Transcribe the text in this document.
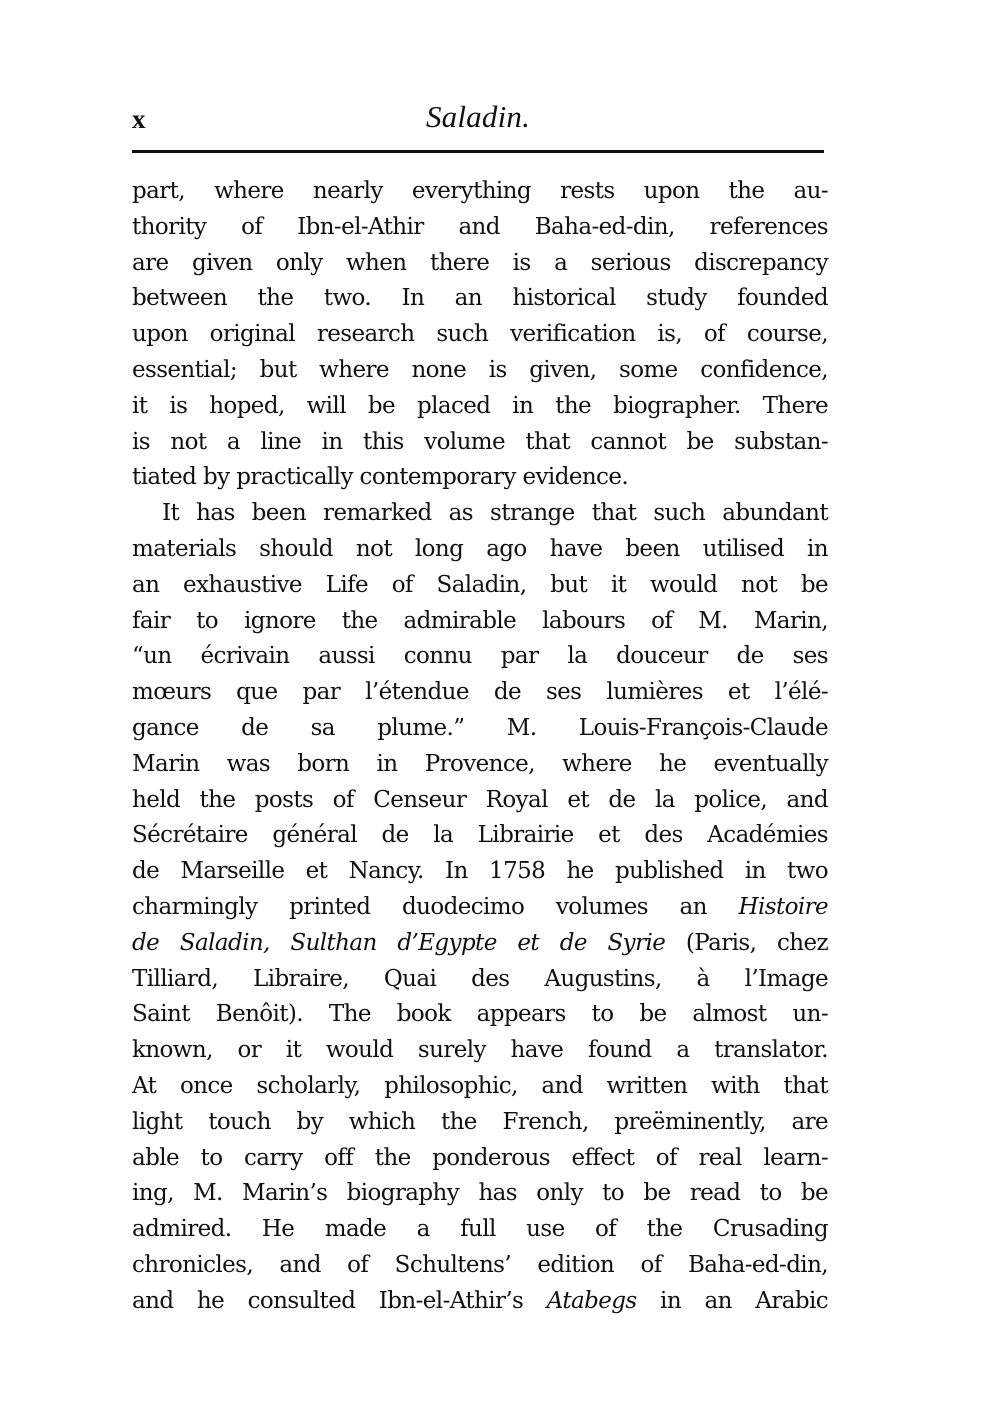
x	Saladin.
part, where nearly everything rests upon the au-
thority of Ibn-el-Athir and Baha-ed-din, references
are given only when there is a serious discrepancy
between the two. In an historical study founded
upon original research such verification is, of course,
essential; but where none is given, some confidence,
it is hoped, will be placed in the biographer. There
is not a line in this volume that cannot be substan-
tiated by practically contemporary evidence.
It has been remarked as strange that such abundant
materials should not long ago have been utilised in
an exhaustive Life of Saladin, but it would not be
fair to ignore the admirable labours of M. Marin,
“un écrivain aussi connu par la douceur de ses
mœurs que par l’étendue de ses lumières et l’élé-
gance de sa plume.” M. Louis-François-Claude
Marin was born in Provence, where he eventually
held the posts of Censeur Royal et de la police, and
Sécrétaire général de la Librairie et des Académies
de Marseille et Nancy. In 1758 he published in two
charmingly printed duodecimo volumes an Histoire
de Saladin, Sulthan d’Egypte et de Syrie (Paris, chez
Tilliard, Libraire, Quai des Augustins, à l’Image
Saint Benôit). The book appears to be almost un-
known, or it would surely have found a translator.
At once scholarly, philosophic, and written with that
light touch by which the French, preëminently, are
able to carry off the ponderous effect of real learn-
ing, M. Marin’s biography has only to be read to be
admired. He made a full use of the Crusading
chronicles, and of Schultens’ edition of Baha-ed-din,
and he consulted Ibn-el-Athir’s Atabegs in an Arabic
